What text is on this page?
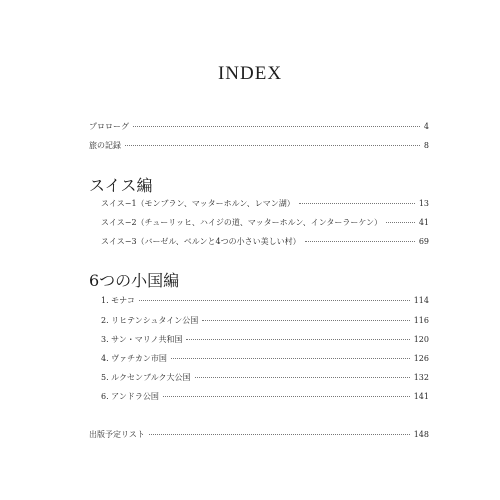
INDEX
プロローグ	4
旅の記録	8
スイス編
スイス−1（モンブラン、マッターホルン、レマン湖）	13
スイス−2（チューリッヒ、ハイジの道、マッターホルン、インターラーケン）	41
スイス−3（バーゼル、ベルンと4つの小さい美しい村）	69
6つの小国編
1. モナコ	114
2. リヒテンシュタイン公国	116
3. サン・マリノ共和国	120
4. ヴァチカン市国	126
5. ルクセンブルク大公国	132
6. アンドラ公国	141
出版予定リスト	148
